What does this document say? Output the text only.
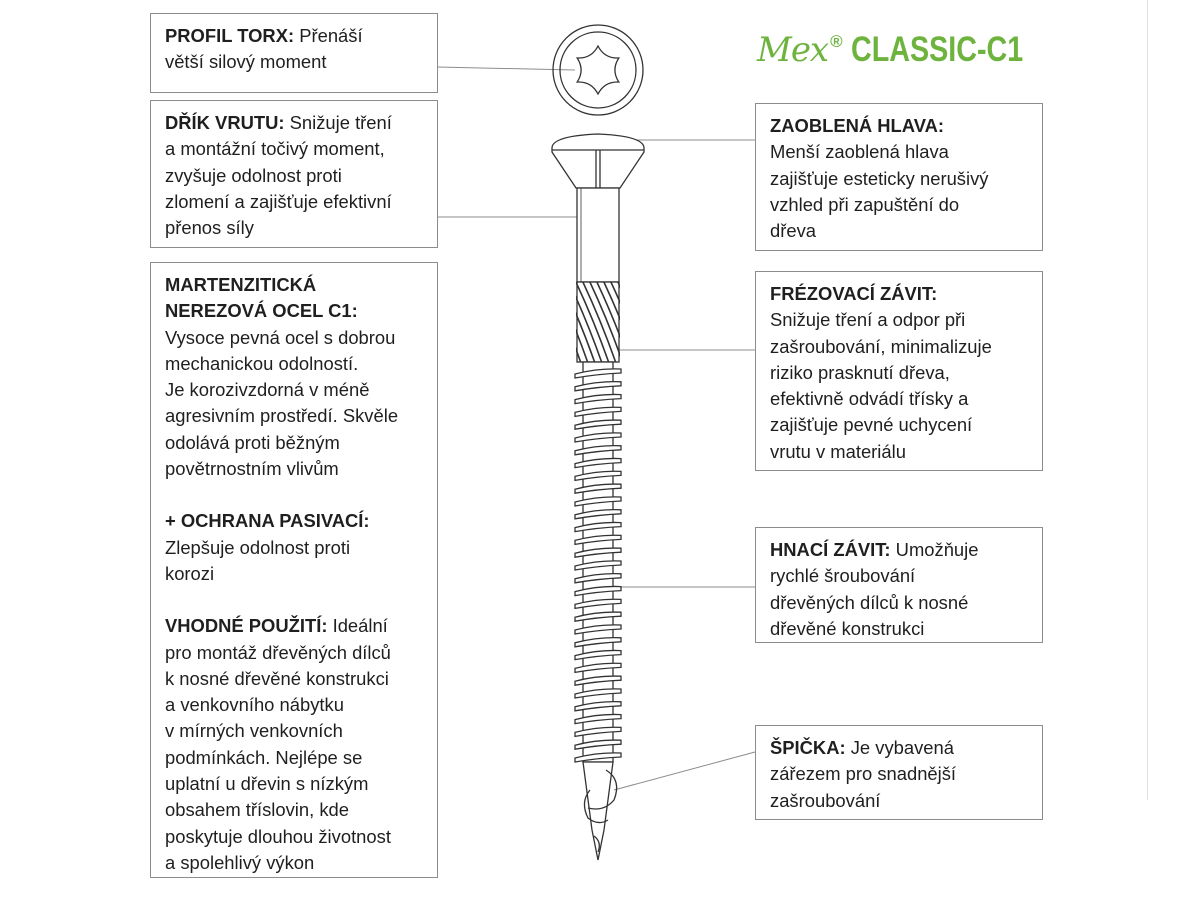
Mex ® CLASSIC-C1
PROFIL TORX: Přenáší
větší silový moment
DŘÍK VRUTU: Snižuje tření
a montážní točivý moment,
zvyšuje odolnost proti
zlomení a zajišťuje efektivní
přenos síly
MARTENZITICKÁ
NEREZOVÁ OCEL C1:
Vysoce pevná ocel s dobrou
mechanickou odolností.
Je korozivzdorná v méně
agresivním prostředí. Skvěle
odolává proti běžným
povětrnostním vlivům
+ OCHRANA PASIVACÍ:
Zlepšuje odolnost proti
korozi
VHODNÉ POUŽITÍ: Ideální
pro montáž dřevěných dílců
k nosné dřevěné konstrukci
a venkovního nábytku
v mírných venkovních
podmínkách. Nejlépe se
uplatní u dřevin s nízkým
obsahem tříslovin, kde
poskytuje dlouhou životnost
a spolehlivý výkon
ZAOBLENÁ HLAVA:
Menší zaoblená hlava
zajišťuje esteticky nerušivý
vzhled při zapuštění do
dřeva
FRÉZOVACÍ ZÁVIT:
Snižuje tření a odpor při
zašroubování, minimalizuje
riziko prasknutí dřeva,
efektivně odvádí třísky a
zajišťuje pevné uchycení
vrutu v materiálu
HNACÍ ZÁVIT: Umožňuje
rychlé šroubování
dřevěných dílců k nosné
dřevěné konstrukci
ŠPIČKA: Je vybavená
zářezem pro snadnější
zašroubování
